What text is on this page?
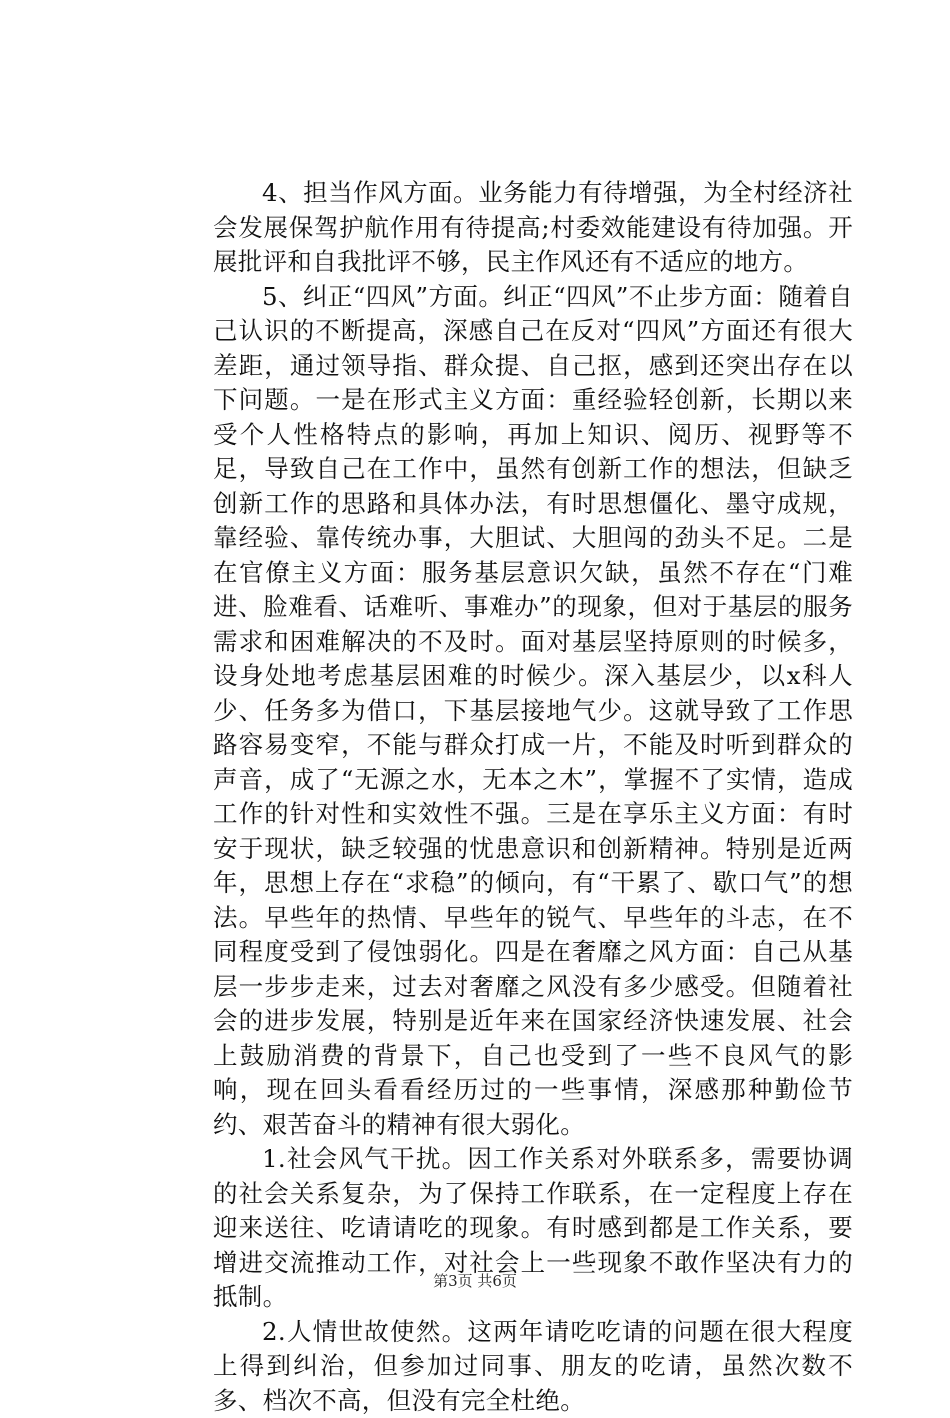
4、担当作风方面。业务能力有待增强，为全村经济社会发展保驾护航作用有待提高;村委效能建设有待加强。开展批评和自我批评不够，民主作风还有不适应的地方。

5、纠正“四风”方面。纠正“四风”不止步方面：随着自己认识的不断提高，深感自己在反对“四风”方面还有很大差距，通过领导指、群众提、自己抠，感到还突出存在以下问题。一是在形式主义方面：重经验轻创新，长期以来受个人性格特点的影响，再加上知识、阅历、视野等不足，导致自己在工作中，虽然有创新工作的想法，但缺乏创新工作的思路和具体办法，有时思想僵化、墨守成规，靠经验、靠传统办事，大胆试、大胆闯的劲头不足。二是在官僚主义方面：服务基层意识欠缺，虽然不存在“门难进、脸难看、话难听、事难办”的现象，但对于基层的服务需求和困难解决的不及时。面对基层坚持原则的时候多，设身处地考虑基层困难的时候少。深入基层少，以x科人少、任务多为借口，下基层接地气少。这就导致了工作思路容易变窄，不能与群众打成一片，不能及时听到群众的声音，成了“无源之水，无本之木”，掌握不了实情，造成工作的针对性和实效性不强。三是在享乐主义方面：有时安于现状，缺乏较强的忧患意识和创新精神。特别是近两年，思想上存在“求稳”的倾向，有“干累了、歇口气”的想法。早些年的热情、早些年的锐气、早些年的斗志，在不同程度受到了侵蚀弱化。四是在奢靡之风方面：自己从基层一步步走来，过去对奢靡之风没有多少感受。但随着社会的进步发展，特别是近年来在国家经济快速发展、社会上鼓励消费的背景下，自己也受到了一些不良风气的影响，现在回头看看经历过的一些事情，深感那种勤俭节约、艰苦奋斗的精神有很大弱化。

1.社会风气干扰。因工作关系对外联系多，需要协调的社会关系复杂，为了保持工作联系，在一定程度上存在迎来送往、吃请请吃的现象。有时感到都是工作关系，要增进交流推动工作，对社会上一些现象不敢作坚决有力的抵制。

2.人情世故使然。这两年请吃吃请的问题在很大程度上得到纠治，但参加过同事、朋友的吃请，虽然次数不多、档次不高，但没有完全杜绝。

第3页 共6页
